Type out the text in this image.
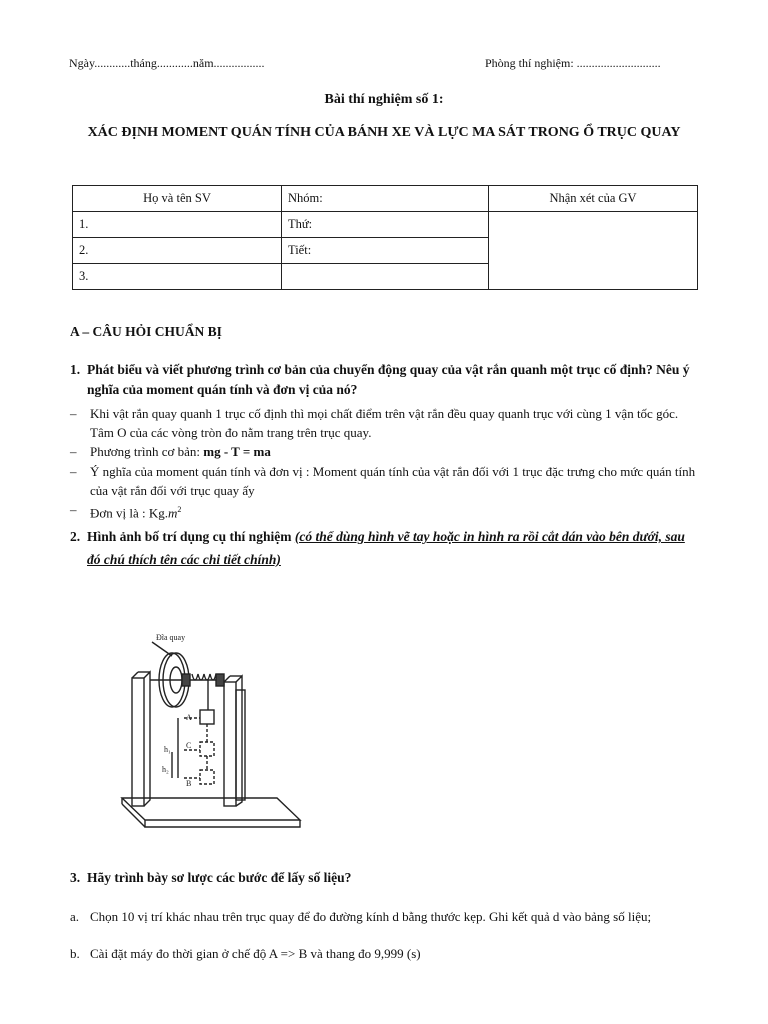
Ngày............tháng............năm.................	Phòng thí nghiệm: ............................
Bài thí nghiệm số 1:
XÁC ĐỊNH MOMENT QUÁN TÍNH CỦA BÁNH XE VÀ LỰC MA SÁT TRONG Ổ TRỤC QUAY
Họ và tên SV	Nhóm:	Nhận xét của GV
1.	Thứ:	
2.	Tiết:	
3.		
A – CÂU HỎI CHUẨN BỊ
1. Phát biểu và viết phương trình cơ bản của chuyển động quay của vật rắn quanh một trục cố định? Nêu ý nghĩa của moment quán tính và đơn vị của nó?
–	Khi vật rắn quay quanh 1 trục cố định thì mọi chất điểm trên vật rắn đều quay quanh trục với cùng 1 vận tốc góc. Tâm O của các vòng tròn đo nằm trang trên trục quay.
–	Phương trình cơ bản: mg - T = ma
–	Ý nghĩa của moment quán tính và đơn vị : Moment quán tính của vật rắn đối với 1 trục đặc trưng cho mức quán tính của vật rắn đối với trục quay ấy
–	Đơn vị là : $Kg.m^2$
2. Hình ảnh bố trí dụng cụ thí nghiệm (có thể dùng hình vẽ tay hoặc in hình ra rồi cắt dán vào bên dưới, sau đó chú thích tên các chi tiết chính)
Đĩa quay
A
C
B
h₁
h₂
3. Hãy trình bày sơ lược các bước để lấy số liệu?
a. Chọn 10 vị trí khác nhau trên trục quay để đo đường kính d bằng thước kẹp. Ghi kết quả d vào bảng số liệu;
b. Cài đặt máy đo thời gian ở chế độ A => B và thang đo 9,999 (s)
